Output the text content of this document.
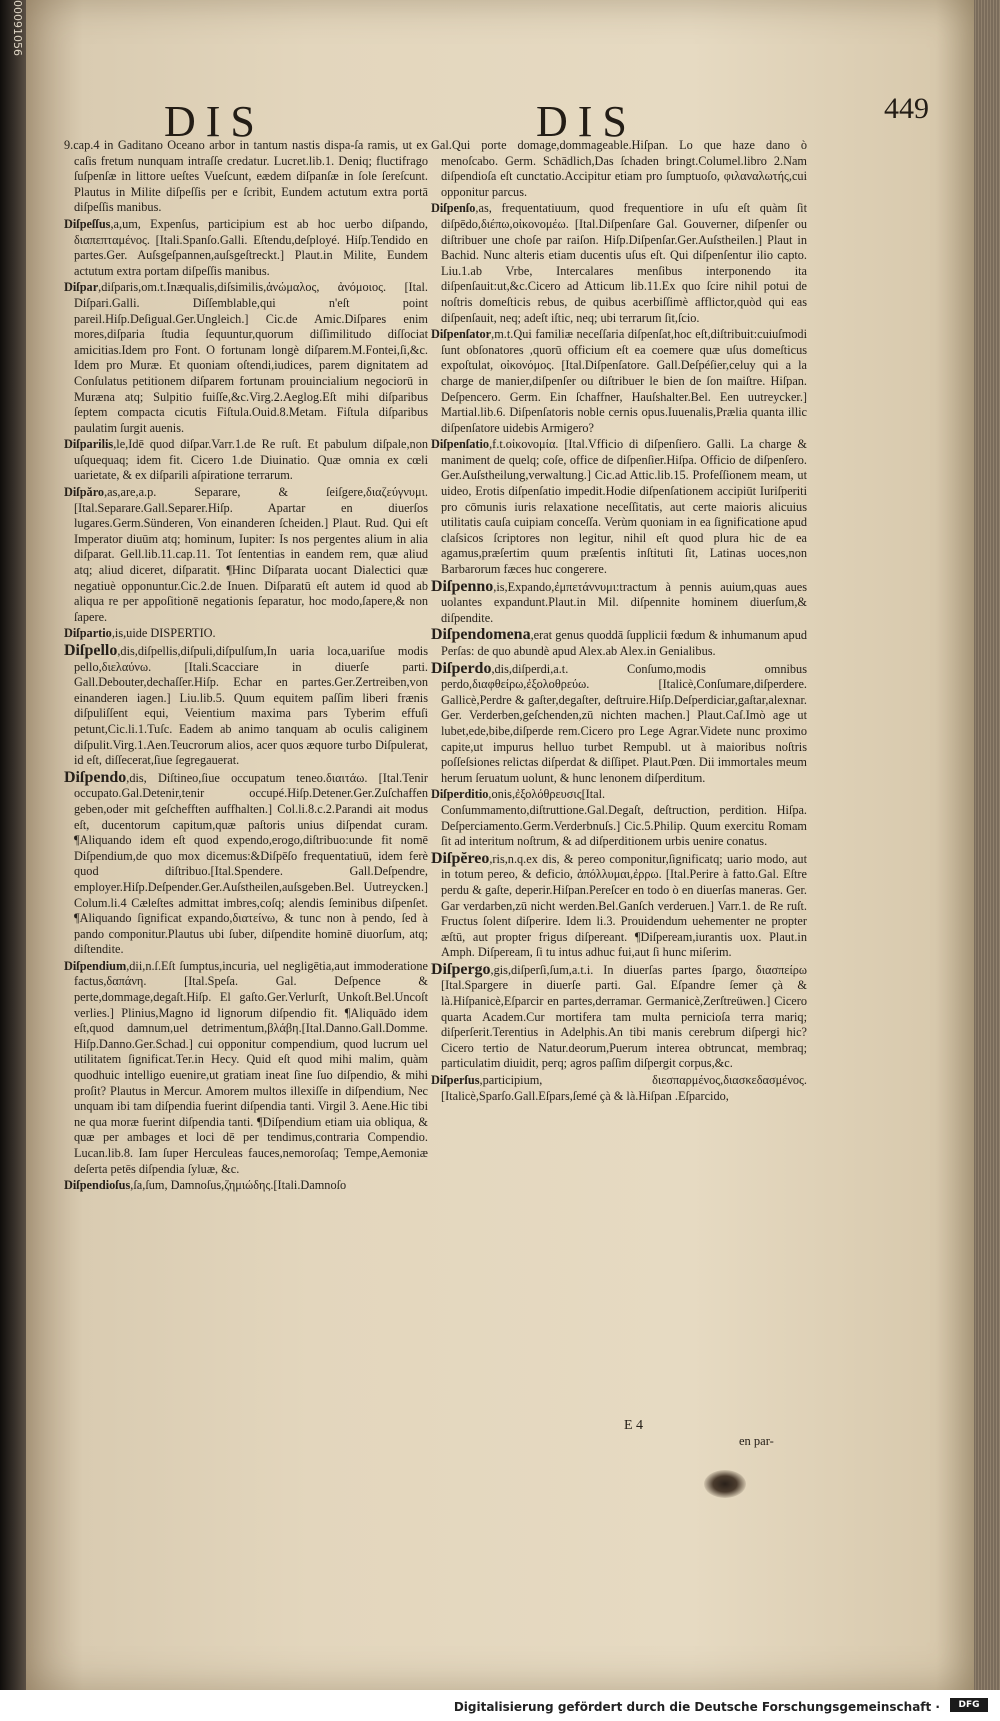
00091056
DIS	DIS	449

9.cap.4 in Gaditano Oceano arbor in tantum nastis dispa-ſa ramis, ut ex caſis fretum nunquam intraſſe credatur. Lucret.lib.1. Deniq; fluctifrago ſuſpenſæ in littore ueſtes Vueſcunt, eædem diſpanſæ in ſole ſereſcunt. Plautus in Milite diſpeſſis per e ſcribit, Eundem actutum extra portā diſpeſſis manibus.

Diſpeſſus,a,um, Expenſus, participium est ab hoc uerbo diſpando, διαπεπταμένος. [Itali.Spanſo.Galli. Eſtendu,deſployé. Hiſp.Tendido en partes.Ger. Auſsgeſpannen,auſsgeſtreckt.] Plaut.in Milite, Eundem actutum extra portam diſpeſſis manibus.

Diſpar,diſparis,om.t.Inæqualis,diſsimilis,ἀνώμαλος, ἀνόμοιος. [Ital. Diſpari.Galli. Diſſemblable,qui n'eſt point pareil.Hiſp.Deſigual.Ger.Ungleich.] Cic.de Amic.Diſpares enim mores,diſparia ſtudia ſequuntur,quorum diſſimilitudo diſſociat amicitias.Idem pro Font. O fortunam longè diſparem.M.Fontei,ſi,&c. Idem pro Muræ. Et quoniam oſtendi,iudices, parem dignitatem ad Conſulatus petitionem diſparem fortunam prouincialium negociorū in Muræna atq; Sulpitio fuiſſe,&c.Virg.2.Aeglog.Eſt mihi diſparibus ſeptem compacta cicutis Fiſtula.Ouid.8.Metam. Fiſtula diſparibus paulatim ſurgit auenis.

Diſparilis,le,Idē quod diſpar.Varr.1.de Re ruſt. Et pabulum diſpale,non uſquequaq; idem fit. Cicero 1.de Diuinatio. Quæ omnia ex cœli uarietate, & ex diſparili aſpiratione terrarum.

Diſpăro,as,are,a.p. Separare, & ſeiſgere,διαζεύγνυμι.[Ital.Separare.Gall.Separer.Hiſp. Apartar en diuerſos lugares.Germ.Sünderen, Von einanderen ſcheiden.] Plaut. Rud. Qui eſt Imperator diuūm atq; hominum, Iupiter: Is nos pergentes alium in alia diſparat. Gell.lib.11.cap.11. Tot ſententias in eandem rem, quæ aliud atq; aliud diceret, diſparatit. ¶Hinc Diſparata uocant Dialectici quæ negatiuè opponuntur.Cic.2.de Inuen. Diſparatū eſt autem id quod ab aliqua re per appoſitionē negationis ſeparatur, hoc modo,ſapere,& non ſapere.

Diſpartio,is,uide DISPERTIO.

Diſpello,dis,diſpellis,diſpuli,diſpulſum,In uaria loca,uariſue modis pello,διελαύνω. [Itali.Scacciare in diuerſe parti. Gall.Debouter,dechaſſer.Hiſp. Echar en partes.Ger.Zertreiben,von einanderen iagen.] Liu.lib.5. Quum equitem paſſim liberi frænis diſpuliſſent equi, Veientium maxima pars Tyberim effuſi petunt,Cic.li.1.Tuſc. Eadem ab animo tanquam ab oculis caliginem diſpulit.Virg.1.Aen.Teucrorum alios, acer quos æquore turbo Diſpulerat, id eſt, diſſecerat,ſiue ſegregauerat.

Diſpendo,dis, Diſtineo,ſiue occupatum teneo.διαιτάω. [Ital.Tenir occupato.Gal.Detenir,tenir occupé.Hiſp.Detener.Ger.Zuſchaffen geben,oder mit geſchefften auffhalten.] Col.li.8.c.2.Parandi ait modus eſt, ducentorum capitum,quæ paſtoris unius diſpendat curam. ¶Aliquando idem eſt quod expendo,erogo,diſtribuo:unde fit nomē Diſpendium,de quo mox dicemus:&Diſpēſo frequentatiuū, idem ferè quod diſtribuo.[Ital.Spendere. Gall.Deſpendre, employer.Hiſp.Deſpender.Ger.Auſstheilen,auſsgeben.Bel. Uutreycken.] Colum.li.4 Cæleſtes admittat imbres,coſq; alendis ſeminibus diſpenſet. ¶Aliquando ſignificat expando,διατείνω, & tunc non à pendo, ſed à pando componitur.Plautus ubi ſuber, diſpendite hominē diuorſum, atq; diſtendite.

Diſpendium,dii,n.ſ.Eſt ſumptus,incuria, uel negligētia,aut immoderatione factus,δαπάνη. [Ital.Speſa. Gal. Deſpence & perte,dommage,degaſt.Hiſp. El gaſto.Ger.Verlurſt, Unkoſt.Bel.Uncoſt verlies.] Plinius,Magno id lignorum diſpendio fit. ¶Aliquādo idem eſt,quod damnum,uel detrimentum,βλάβη.[Ital.Danno.Gall.Domme. Hiſp.Danno.Ger.Schad.] cui opponitur compendium, quod lucrum uel utilitatem ſignificat.Ter.in Hecy. Quid eſt quod mihi malim, quàm quodhuic intelligo euenire,ut gratiam ineat ſine ſuo diſpendio, & mihi proſit? Plautus in Mercur. Amorem multos illexiſſe in diſpendium, Nec unquam ibi tam diſpendia fuerint diſpendia tanti. Virgil 3. Aene.Hic tibi ne qua moræ fuerint diſpendia tanti. ¶Diſpendium etiam uia obliqua, & quæ per ambages et loci dē per tendimus,contraria Compendio. Lucan.lib.8. Iam ſuper Herculeas fauces,nemoroſaq; Tempe,Aemoniæ deſerta petēs diſpendia ſyluæ, &c.

Diſpendioſus,ſa,ſum, Damnoſus,ζημιώδης.[Itali.Damnoſo

Gal.Qui porte domage,dommageable.Hiſpan. Lo que haze dano ò menoſcabo. Germ. Schādlich,Das ſchaden bringt.Columel.libro 2.Nam diſpendioſa eſt cunctatio.Accipitur etiam pro ſumptuoſo, φιλαναλωτής,cui opponitur parcus.

Diſpenſo,as, frequentatiuum, quod frequentiore in uſu eſt quàm ſit diſpēdo,διέπω,οἰκονομέω. [Ital.Diſpenſare Gal. Gouverner, diſpenſer ou diſtribuer une choſe par raiſon. Hiſp.Diſpenſar.Ger.Auſstheilen.] Plaut in Bachid. Nunc alteris etiam ducentis uſus eſt. Qui diſpenſentur ilio capto. Liu.1.ab Vrbe, Intercalares menſibus interponendo ita diſpenſauit:ut,&c.Cicero ad Atticum lib.11.Ex quo ſcire nihil potui de noſtris domeſticis rebus, de quibus acerbiſſimè afflictor,quòd qui eas diſpenſauit, neq; adeſt iſtic, neq; ubi terrarum ſit,ſcio.

Diſpenſator,m.t.Qui familiæ neceſſaria diſpenſat,hoc eſt,diſtribuit:cuiuſmodi ſunt obſonatores ,quorū officium eſt ea coemere quæ uſus domeſticus expoſtulat, οἰκονόμος. [Ital.Diſpenſatore. Gall.Deſpéſier,celuy qui a la charge de manier,diſpenſer ou diſtribuer le bien de ſon maiſtre. Hiſpan. Deſpencero. Germ. Ein ſchaffner, Hauſshalter.Bel. Een uutreycker.] Martial.lib.6. Diſpenſatoris noble cernis opus.Iuuenalis,Prælia quanta illic diſpenſatore uidebis Armigero?

Diſpenſatio,f.t.οἰκονομία. [Ital.Vfficio di diſpenſiero. Galli. La charge & maniment de quelq; coſe, office de diſpenſier.Hiſpa. Officio de diſpenſero. Ger.Auſstheilung,verwaltung.] Cic.ad Attic.lib.15. Profeſſionem meam, ut uideo, Erotis diſpenſatio impedit.Hodie diſpenſationem accipiūt Iuriſperiti pro cōmunis iuris relaxatione neceſſitatis, aut certe maioris alicuius utilitatis cauſa cuipiam conceſſa. Verùm quoniam in ea ſignificatione apud claſsicos ſcriptores non legitur, nihil eſt quod plura hic de ea agamus,præſertim quum præſentis inſtituti ſit, Latinas uoces,non Barbarorum fæces huc congerere.

Diſpenno,is,Expando,ἐμπετάννυμι:tractum à pennis auium,quas aues uolantes expandunt.Plaut.in Mil. diſpennite hominem diuerſum,& diſpendite.

Diſpendomena,erat genus quoddā ſupplicii fœdum & inhumanum apud Perſas: de quo abundè apud Alex.ab Alex.in Genialibus.

Diſperdo,dis,diſperdi,a.t. Conſumo,modis omnibus perdo,διαφθείρω,ἐξολοθρεύω. [Italicè,Conſumare,diſperdere. Gallicè,Perdre & gaſter,degaſter, deſtruire.Hiſp.Deſperdiciar,gaſtar,alexnar. Ger. Verderben,geſchenden,zū nichten machen.] Plaut.Caſ.Imò age ut lubet,ede,bibe,diſperde rem.Cicero pro Lege Agrar.Videte nunc proximo capite,ut impurus helluo turbet Rempubl. ut à maioribus noſtris poſſeſsiones relictas diſperdat & diſſipet. Plaut.Pœn. Dii immortales meum herum ſeruatum uolunt, & hunc lenonem diſperditum.

Diſperditio,onis,ἐξολόθρευσις[Ital. Conſummamento,diſtruttione.Gal.Degaſt, deſtruction, perdition. Hiſpa. Deſperciamento.Germ.Verderbnuſs.] Cic.5.Philip. Quum exercitu Romam ſit ad interitum noſtrum, & ad diſperditionem urbis uenire conatus.

Diſpĕreo,ris,n.q.ex dis, & pereo componitur,ſignificatq; uario modo, aut in totum pereo, & deficio, ἀπόλλυμαι,ἐρρω. [Ital.Perire à fatto.Gal. Eſtre perdu & gaſte, deperir.Hiſpan.Pereſcer en todo ò en diuerſas maneras. Ger. Gar verdarben,zū nicht werden.Bel.Ganſch verderuen.] Varr.1. de Re ruſt. Fructus ſolent diſperire. Idem li.3. Prouidendum uehementer ne propter æſtū, aut propter frigus diſpereant. ¶Diſpeream,iurantis uox. Plaut.in Amph. Diſpeream, ſi tu intus adhuc fui,aut ſi hunc miſerim.

Diſpergo,gis,diſperſi,ſum,a.t.i. In diuerſas partes ſpargo, διασπείρω [Ital.Spargere in diuerſe parti. Gal. Eſpandre ſemer çà & là.Hiſpanicè,Eſparcir en partes,derramar. Germanicè,Zerſtreüwen.] Cicero quarta Academ.Cur mortifera tam multa pernicioſa terra mariq; diſperſerit.Terentius in Adelphis.An tibi manis cerebrum diſpergi hic? Cicero tertio de Natur.deorum,Puerum interea obtruncat, membraq; particulatim diuidit, perq; agros paſſim diſpergit corpus,&c.

Diſperſus,participium, διεσπαρμένος,διασκεδασμένος.[Italicè,Sparſo.Gall.Eſpars,ſemé çà & là.Hiſpan .Eſparcido,

E 4
en par-
Digitalisierung gefördert durch die Deutsche Forschungsgemeinschaft ·	DFG
